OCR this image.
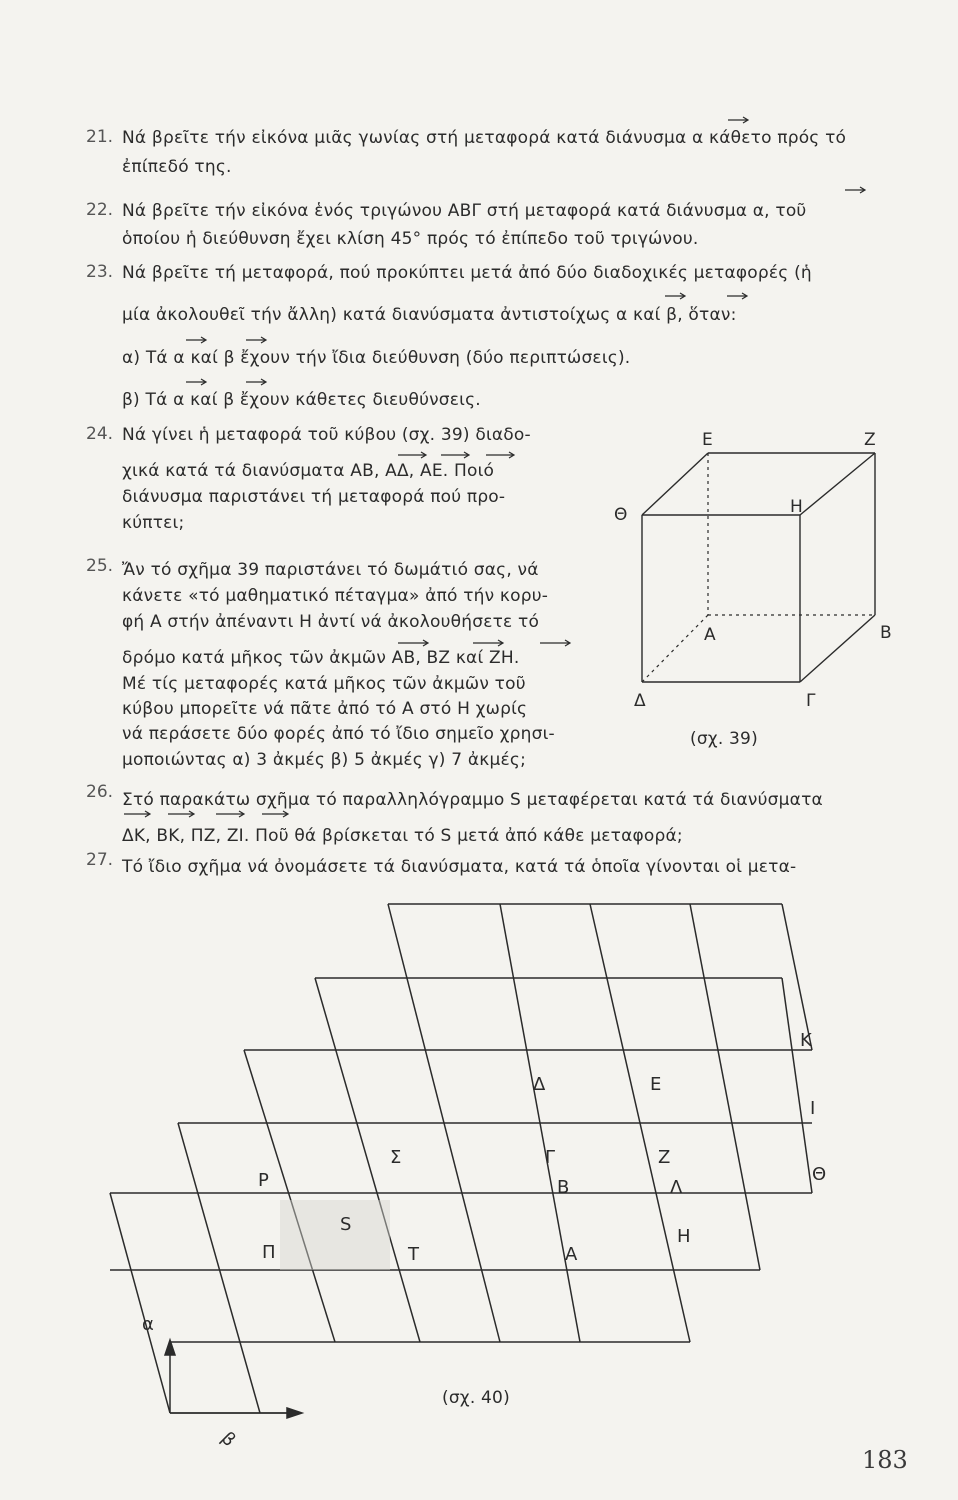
21. Νά βρεῖτε τήν εἰκόνα μιᾶς γωνίας στή μεταφορά κατά διάνυσμα α κάθετο πρός τό
ἐπίπεδό της.
22. Νά βρεῖτε τήν εἰκόνα ἑνός τριγώνου ΑΒΓ στή μεταφορά κατά διάνυσμα α, τοῦ
ὁποίου ἡ διεύθυνση ἔχει κλίση 45° πρός τό ἐπίπεδο τοῦ τριγώνου.
23. Νά βρεῖτε τή μεταφορά, πού προκύπτει μετά ἀπό δύο διαδοχικές μεταφορές (ἡ
μία ἀκολουθεῖ τήν ἄλλη) κατά διανύσματα ἀντιστοίχως α καί β, ὅταν:
α) Τά α καί β ἔχουν τήν ἴδια διεύθυνση (δύο περιπτώσεις).
β) Τά α καί β ἔχουν κάθετες διευθύνσεις.
24. Νά γίνει ἡ μεταφορά τοῦ κύβου (σχ. 39) διαδο-
χικά κατά τά διανύσματα ΑΒ, ΑΔ, ΑΕ. Ποιό
διάνυσμα παριστάνει τή μεταφορά πού προ-
κύπτει;
25. Ἄν τό σχῆμα 39 παριστάνει τό δωμάτιό σας, νά
κάνετε «τό μαθηματικό πέταγμα» ἀπό τήν κορυ-
φή Α στήν ἀπέναντι Η ἀντί νά ἀκολουθήσετε τό
δρόμο κατά μῆκος τῶν ἀκμῶν ΑΒ, ΒΖ καί ΖΗ.
Μέ τίς μεταφορές κατά μῆκος τῶν ἀκμῶν τοῦ
κύβου μπορεῖτε νά πᾶτε ἀπό τό Α στό Η χωρίς
νά περάσετε δύο φορές ἀπό τό ἴδιο σημεῖο χρησι-
μοποιώντας α) 3 ἀκμές β) 5 ἀκμές γ) 7 ἀκμές;
Ε	Ζ
Θ	Η
Α	Β
Δ	Γ
(σχ. 39)
26. Στό παρακάτω σχῆμα τό παραλληλόγραμμο S μεταφέρεται κατά τά διανύσματα
ΔΚ, ΒΚ, ΠΖ, ΖΙ. Ποῦ θά βρίσκεται τό S μετά ἀπό κάθε μεταφορά;
27. Τό ἴδιο σχῆμα νά ὀνομάσετε τά διανύσματα, κατά τά ὁποῖα γίνονται οἱ μετα-
Δ	Ε
Κ
Ι
Γ	Ζ
Σ
Θ
Ρ
S
Β	Λ
Η
Π	Τ	Α
α
β
(σχ. 40)
183
